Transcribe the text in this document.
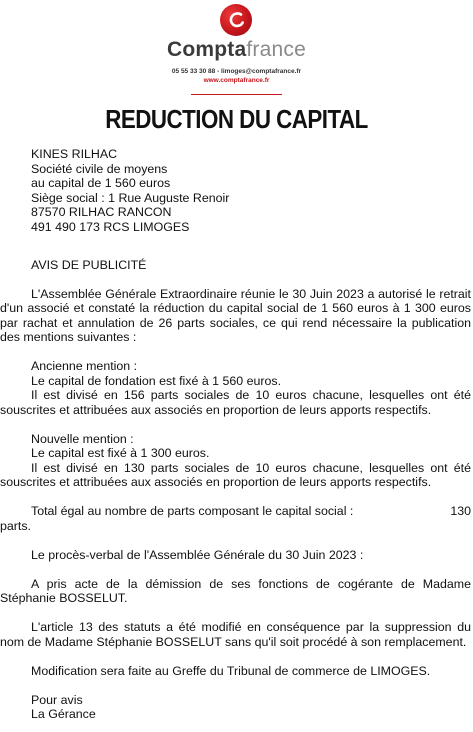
Comptafrance
05 55 33 30 88 - limoges@comptafrance.fr
www.comptafrance.fr
REDUCTION DU CAPITAL

KINES RILHAC

Société civile de moyens

au capital de 1 560 euros

Siège social : 1 Rue Auguste Renoir

87570 RILHAC RANCON

491 490 173 RCS LIMOGES

AVIS DE PUBLICITÉ

L'Assemblée Générale Extraordinaire réunie le 30 Juin 2023 a autorisé le retrait d'un associé et constaté la réduction du capital social de 1 560 euros à 1 300 euros par rachat et annulation de 26 parts sociales, ce qui rend nécessaire la publication des mentions suivantes :

Ancienne mention :

Le capital de fondation est fixé à 1 560 euros.

Il est divisé en 156 parts sociales de 10 euros chacune, lesquelles ont été souscrites et attribuées aux associés en proportion de leurs apports respectifs.

Nouvelle mention :

Le capital est fixé à 1 300 euros.

Il est divisé en 130 parts sociales de 10 euros chacune, lesquelles ont été souscrites et attribuées aux associés en proportion de leurs apports respectifs.

Total égal au nombre de parts composant le capital social :	130

parts.

Le procès-verbal de l'Assemblée Générale du 30 Juin 2023 :

A pris acte de la démission de ses fonctions de cogérante de Madame Stéphanie BOSSELUT.

L'article 13 des statuts a été modifié en conséquence par la suppression du nom de Madame Stéphanie BOSSELUT sans qu'il soit procédé à son remplacement.

Modification sera faite au Greffe du Tribunal de commerce de LIMOGES.

Pour avis

La Gérance
